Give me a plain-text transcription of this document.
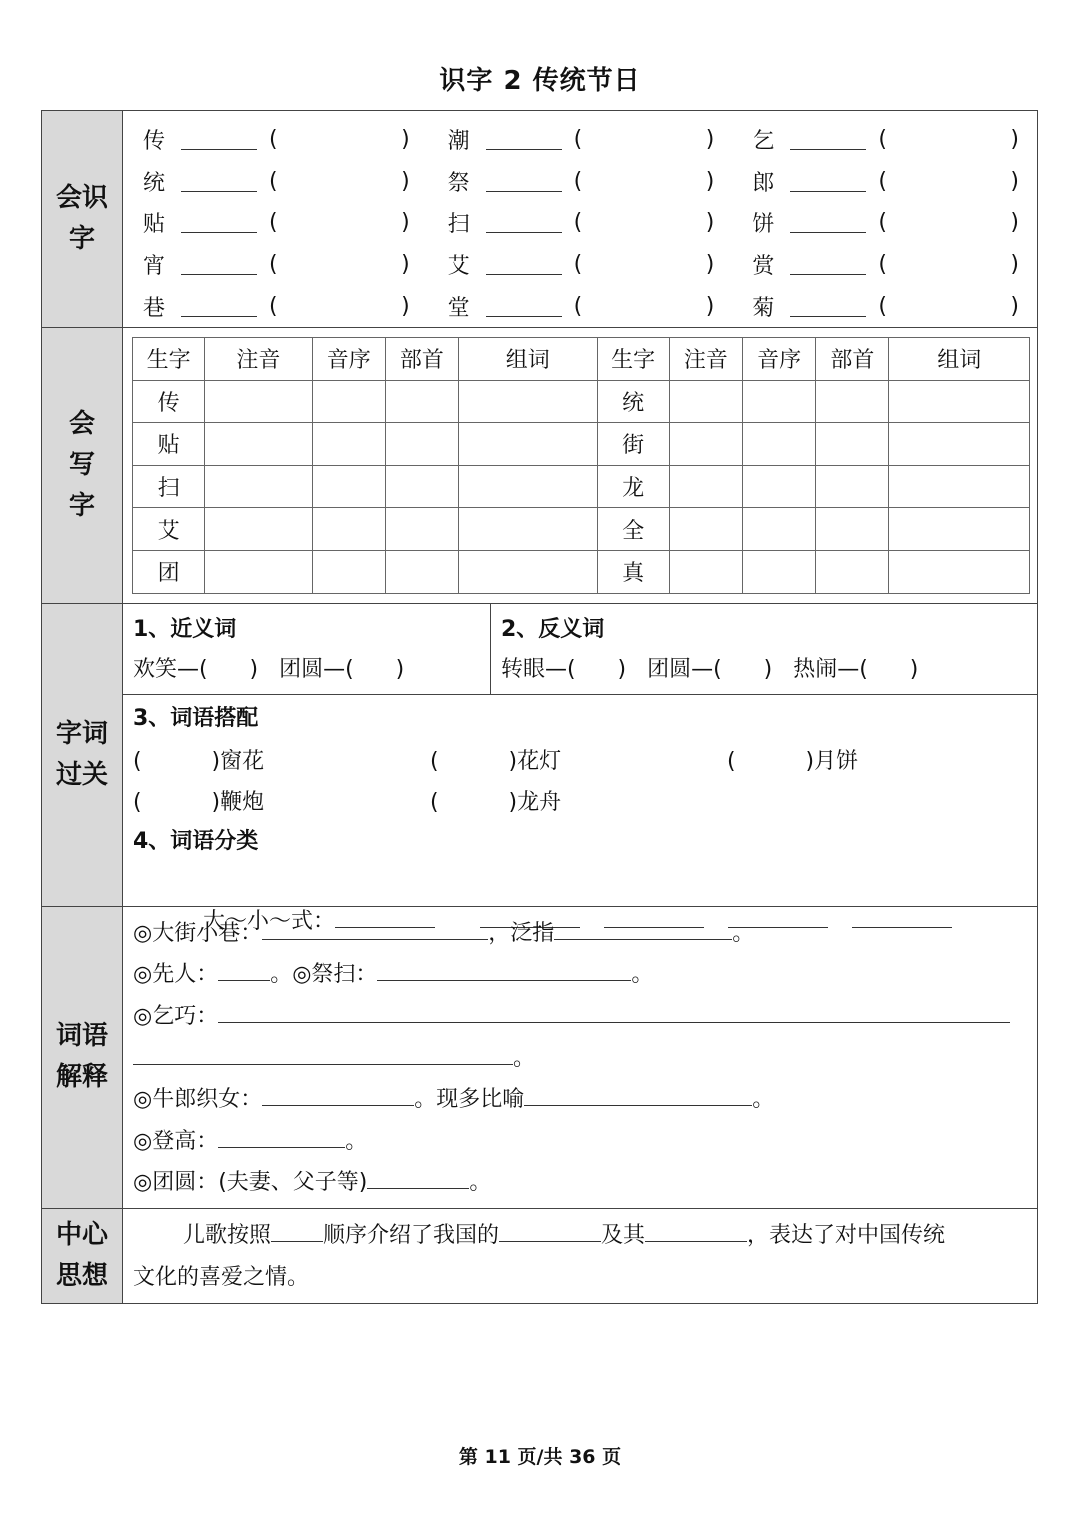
识字 2 传统节日
会识字

传	(	) 潮	(	) 乞	(	)
统	(	) 祭	(	) 郎	(	)
贴	(	) 扫	(	) 饼	(	)
宵	(	) 艾	(	) 赏	(	)
巷	(	) 堂	(	) 菊	(	)

会写字

生字	注音	音序	部首	组词	生字	注音	音序	部首	组词
传					统				
贴					街				
扫					龙				
艾					全				
团					真				

字词过关

1、近义词
欢笑—(      )   团圆—(      )
2、反义词
转眼—(      )   团圆—(      )   热闹—(      )
3、词语搭配
(          )窗花	(          )花灯	(          )月饼
(          )鞭炮	(          )龙舟
4、词语分类

大～小～式：

词语解释

◎大街小巷：	，泛指	。
◎先人： 。◎祭扫：	。
◎乞巧：
。
◎牛郎织女：	。现多比喻	。
◎登高：	。
◎团圆：(夫妻、父子等)	。

中心思想

儿歌按照 顺序介绍了我国的	及其	，表达了对中国传统
文化的喜爱之情。
第 11 页/共 36 页
